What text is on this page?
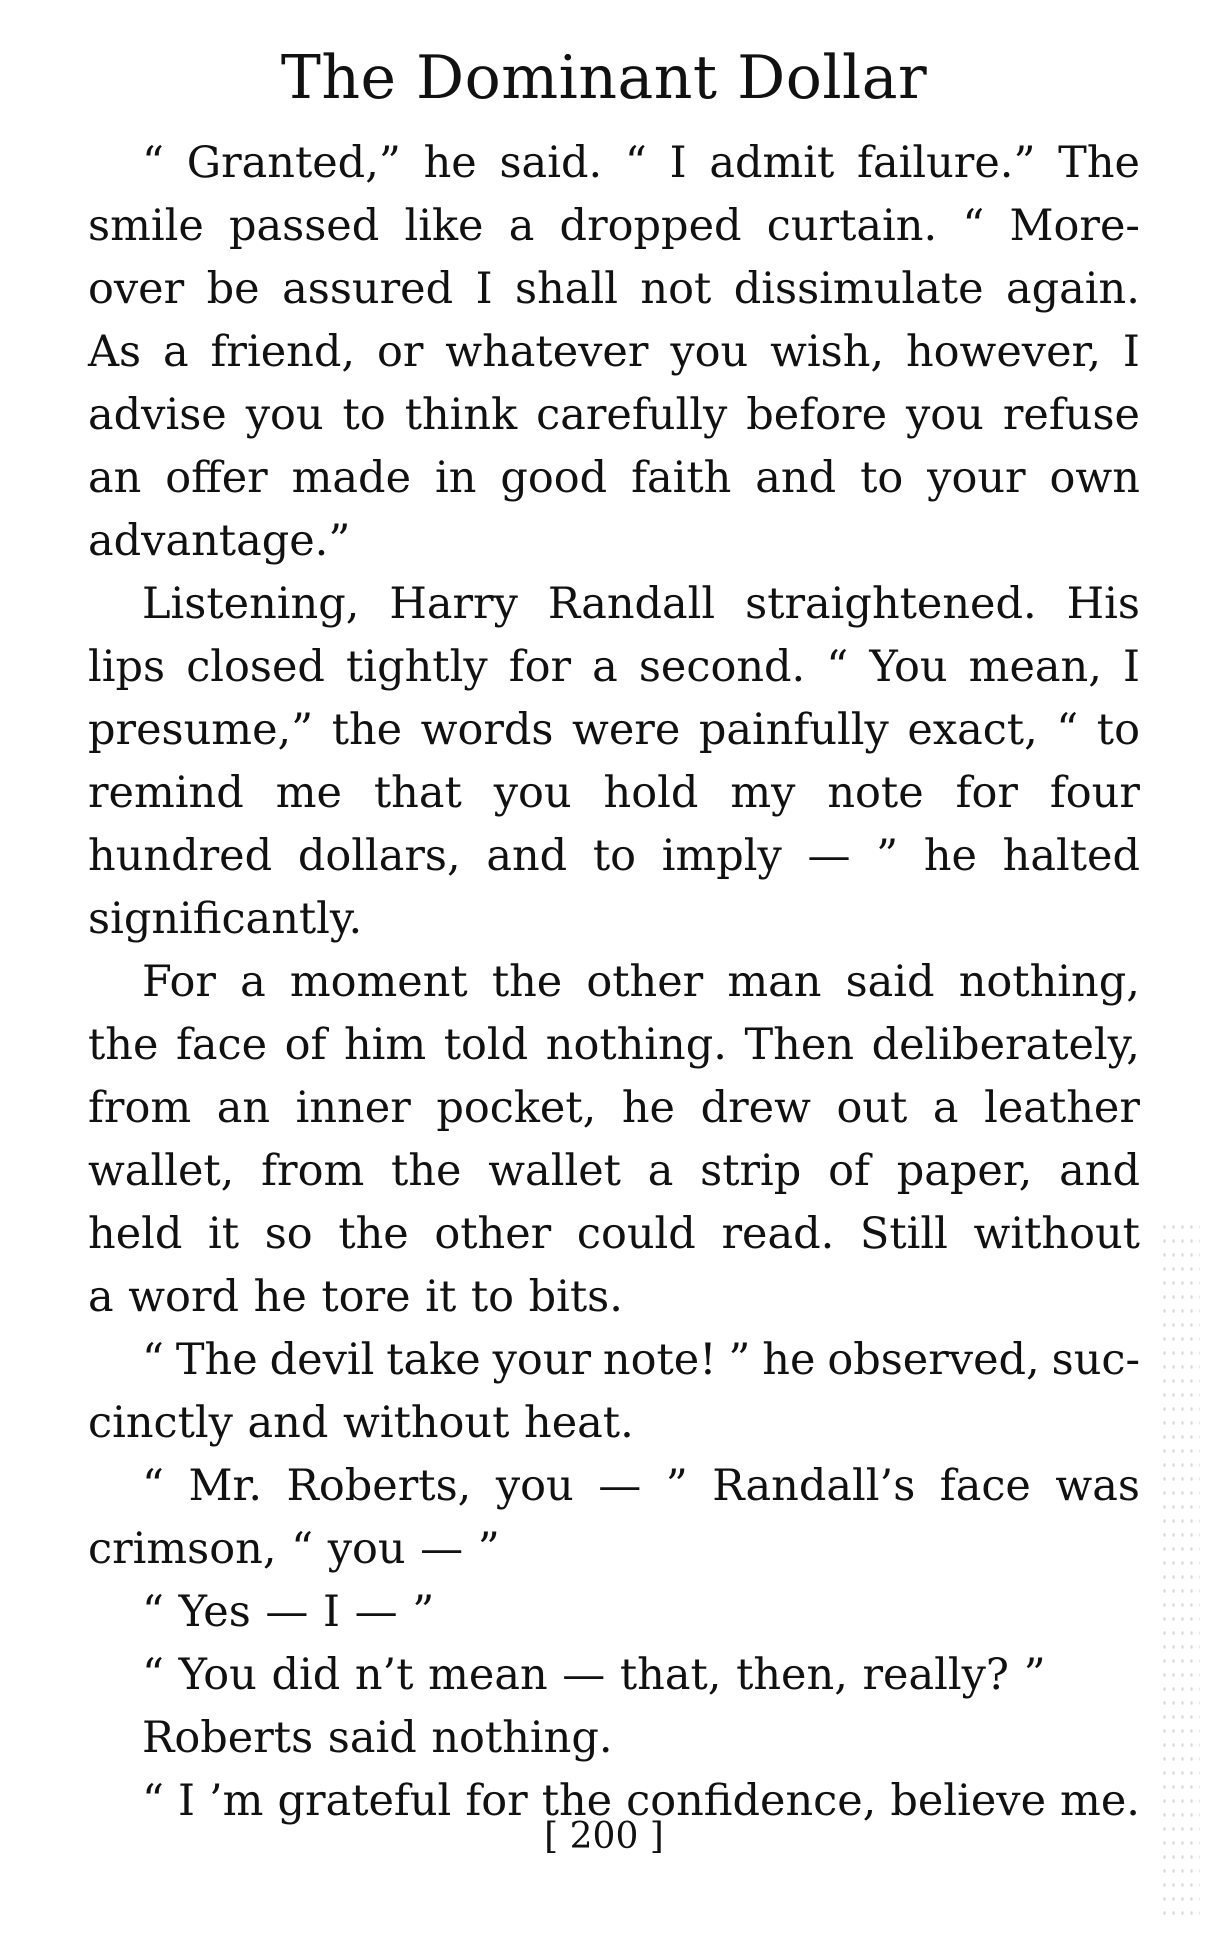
The Dominant Dollar
“ Granted,” he said. “ I admit failure.” The
smile passed like a dropped curtain. “ More-
over be assured I shall not dissimulate again.
As a friend, or whatever you wish, however, I
advise you to think carefully before you refuse
an offer made in good faith and to your own
advantage.”
Listening, Harry Randall straightened. His
lips closed tightly for a second. “ You mean, I
presume,” the words were painfully exact, “ to
remind me that you hold my note for four
hundred dollars, and to imply — ” he halted
significantly.
For a moment the other man said nothing,
the face of him told nothing. Then deliberately,
from an inner pocket, he drew out a leather
wallet, from the wallet a strip of paper, and
held it so the other could read. Still without
a word he tore it to bits.
“ The devil take your note! ” he observed, suc-
cinctly and without heat.
“ Mr. Roberts, you — ” Randall’s face was
crimson, “ you — ”
“ Yes — I — ”
“ You did n’t mean — that, then, really? ”
Roberts said nothing.
“ I ’m grateful for the confidence, believe me.
[ 200 ]
